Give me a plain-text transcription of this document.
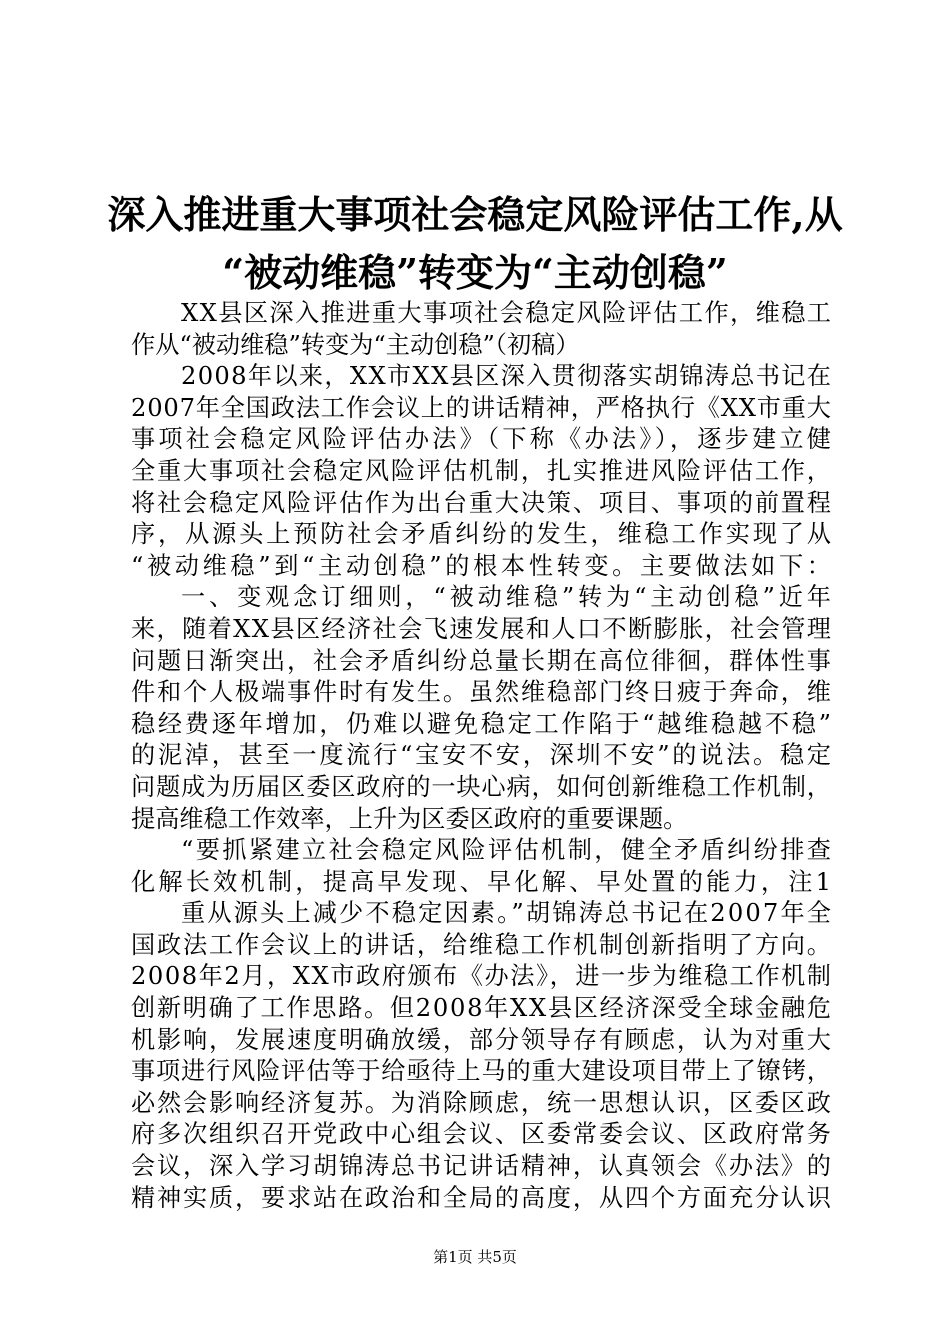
深入推进重大事项社会稳定风险评估工作,从
“被动维稳”转变为“主动创稳”
XX县区深入推进重大事项社会稳定风险评估工作，维稳工
作从“被动维稳”转变为“主动创稳”（初稿）
2008年以来，XX市XX县区深入贯彻落实胡锦涛总书记在
2007年全国政法工作会议上的讲话精神，严格执行《XX市重大
事项社会稳定风险评估办法》（下称《办法》），逐步建立健
全重大事项社会稳定风险评估机制，扎实推进风险评估工作，
将社会稳定风险评估作为出台重大决策、项目、事项的前置程
序，从源头上预防社会矛盾纠纷的发生，维稳工作实现了从
“被动维稳”到“主动创稳”的根本性转变。主要做法如下：
一、变观念订细则，“被动维稳”转为“主动创稳”近年
来，随着XX县区经济社会飞速发展和人口不断膨胀，社会管理
问题日渐突出，社会矛盾纠纷总量长期在高位徘徊，群体性事
件和个人极端事件时有发生。虽然维稳部门终日疲于奔命，维
稳经费逐年增加，仍难以避免稳定工作陷于“越维稳越不稳”
的泥淖，甚至一度流行“宝安不安，深圳不安”的说法。稳定
问题成为历届区委区政府的一块心病，如何创新维稳工作机制，
提高维稳工作效率，上升为区委区政府的重要课题。
“要抓紧建立社会稳定风险评估机制，健全矛盾纠纷排查
化解长效机制，提高早发现、早化解、早处置的能力，注1
重从源头上减少不稳定因素。”胡锦涛总书记在2007年全
国政法工作会议上的讲话，给维稳工作机制创新指明了方向。
2008年2月，XX市政府颁布《办法》，进一步为维稳工作机制
创新明确了工作思路。但2008年XX县区经济深受全球金融危
机影响，发展速度明确放缓，部分领导存有顾虑，认为对重大
事项进行风险评估等于给亟待上马的重大建设项目带上了镣铐，
必然会影响经济复苏。为消除顾虑，统一思想认识，区委区政
府多次组织召开党政中心组会议、区委常委会议、区政府常务
会议，深入学习胡锦涛总书记讲话精神，认真领会《办法》的
精神实质，要求站在政治和全局的高度，从四个方面充分认识
第1页 共5页
